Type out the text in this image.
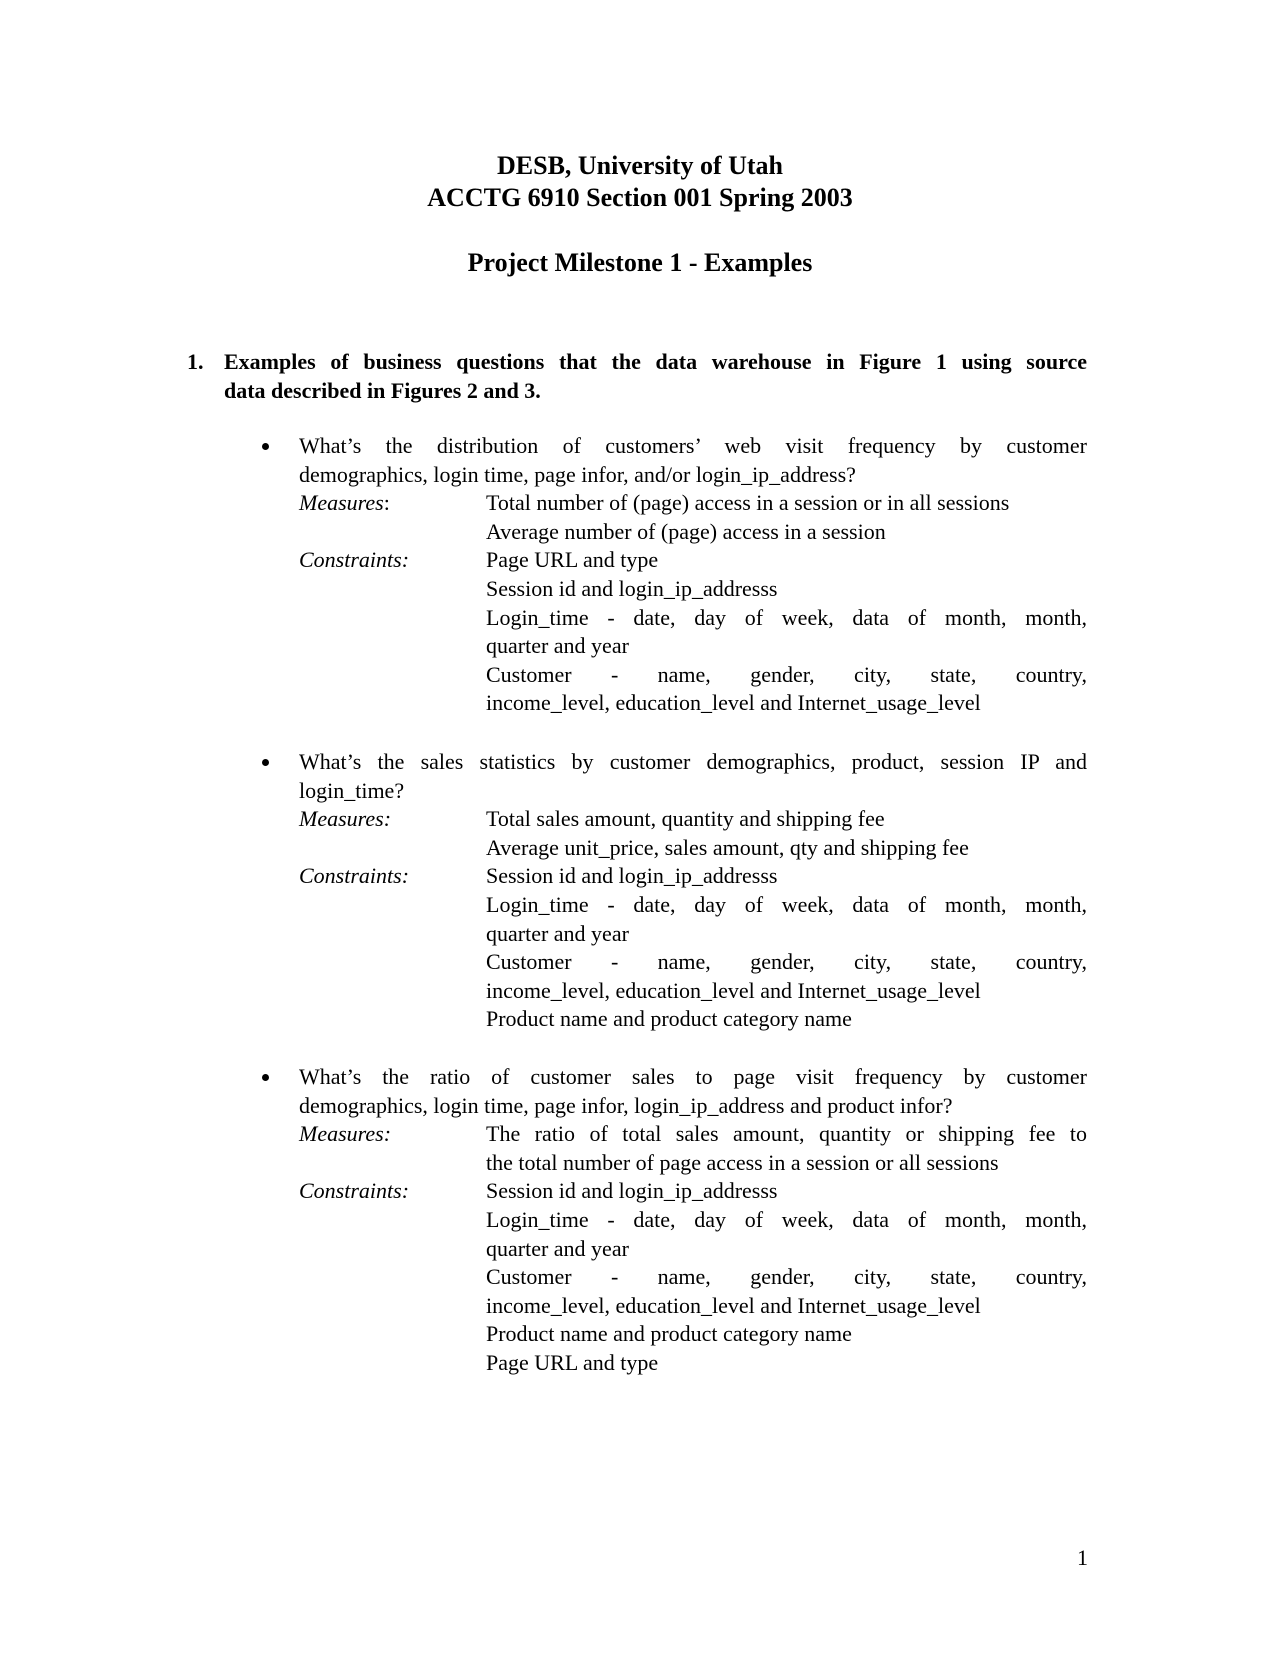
DESB, University of Utah
ACCTG 6910 Section 001 Spring 2003
Project Milestone 1 - Examples
1. Examples of business questions that the data warehouse in Figure 1 using source
data described in Figures 2 and 3.
What’s the distribution of customers’ web visit frequency by customer
demographics, login time, page infor, and/or login_ip_address?
Measures:	Total number of (page) access in a session or in all sessions
Average number of (page) access in a session
Constraints:	Page URL and type
Session id and login_ip_addresss
Login_time - date, day of week, data of month, month,
quarter and year
Customer - name, gender, city, state, country,
income_level, education_level and Internet_usage_level
What’s the sales statistics by customer demographics, product, session IP and
login_time?
Measures:	Total sales amount, quantity and shipping fee
Average unit_price, sales amount, qty and shipping fee
Constraints:	Session id and login_ip_addresss
Login_time - date, day of week, data of month, month,
quarter and year
Customer - name, gender, city, state, country,
income_level, education_level and Internet_usage_level
Product name and product category name
What’s the ratio of customer sales to page visit frequency by customer
demographics, login time, page infor, login_ip_address and product infor?
Measures:	The ratio of total sales amount, quantity or shipping fee to
the total number of page access in a session or all sessions
Constraints:	Session id and login_ip_addresss
Login_time - date, day of week, data of month, month,
quarter and year
Customer - name, gender, city, state, country,
income_level, education_level and Internet_usage_level
Product name and product category name
Page URL and type
1
